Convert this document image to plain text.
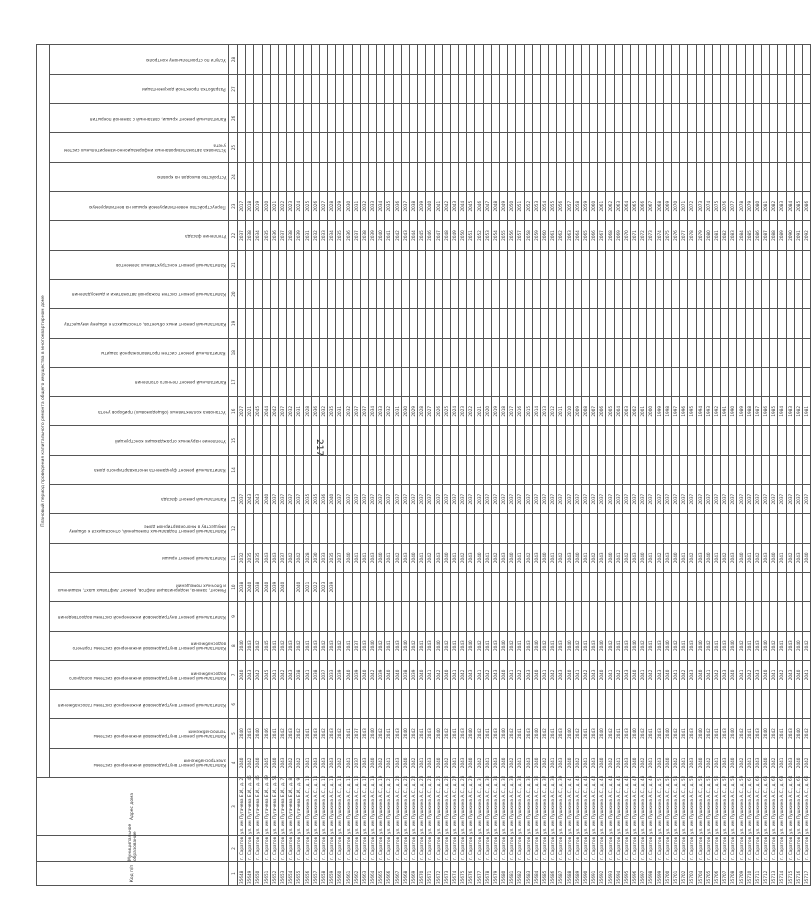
217
Код п/п	Муниципальное образование	Адрес дома	Плановый период проведения капитального ремонта общего имущества в многоквартирном доме																								

			Капитальный ремонт внутридомовой инженерной системы электроснабжения	Капитальный ремонт внутридомовой инженерной системы теплоснабжения	Капитальный ремонт внутридомовой инженерной системы газоснабжения	Капитальный ремонт внутридомовой инженерной системы холодного водоснабжения	Капитальный ремонт внутридомовой инженерной системы горячего водоснабжения	Капитальный ремонт внутридомовой инженерной системы водоотведения	Ремонт, замена, модернизация лифтов, ремонт лифтовых шахт, машинных и блочных помещений	Капитальный ремонт крыши	Капитальный ремонт подвальных помещений, относящихся к общему имуществу в многоквартирном доме	Капитальный ремонт фасада	Капитальный ремонт фундамента многоквартирного дома	Утепление наружных ограждающих конструкций	Установка коллективных (общедомовых) приборов учета	Капитальный ремонт печного отопления	Капитальный ремонт систем противопожарной защиты	Капитальный ремонт иных объектов, относящихся к общему имуществу	Капитальный ремонт систем пожарной автоматики и дымоудаления	Капитальный ремонт конструктивных элементов	Утепление фасада	Переустройство невентилируемой крыши на вентилируемую	Устройство выходов на кровлю	Установка автоматизированных информационно-измерительных систем учета	Капитальный ремонт крыши, связанный с заменой покрытия	Разработка проектной документации	Услуги по строительному контролю

1	2	3	4	5	6	7	8	9	10	11	12	13	14	15	16	17	18	19	20	21	22	23	24	25	26	27	28
35648	г. Саратов	ул. им Пугачева Е.И., д. 2	2040	2040		2040	2040		2038	2032		2037			2027						2037	2017					
35649	г. Саратов	ул. им Пугачева Е.И., д. 45	2042	2043		2043	2043		2040	2035		2043			2021						2038	2018					
35650	г. Саратов	ул. им Пугачева Е.И., д. 45	2040	2040		2042	2042		2038	2035		2043			2045						2034	2019					
35651	г. Саратов	ул. им Пугачева Е.И., д. 49	2045	2046		2045	2045		2040	2043		2040			2044						2035	2020					
35652	г. Саратов	ул. им Пугачева Е.И., д. 51	2040	2041		2041	2041		2039	2043		2037			2042						2036	2021					
35653	г. Саратов	ул. им Пугачева Е.И., д. 7	2043	2042		2042	2042		2040	2037		2037			2037						2037	2022					
35654	г. Саратов	ул. им Пугачева Е.И., д. 8	2042	2043		2043	2043			2042		2037			2032						2038	2023					
35655	г. Саратов	ул. им Пугачева Е.И., д. 9	2042	2042		2038	2042		2040	2042		2037			2031						2039	2024					
35656	г. Саратов	ул. им Пушкина А.С., д. 10	2041	2041		2041	2041		2021	2028		2035			2028						2031	2025					
35657	г. Саратов	ул. им Пушкина А.С., д. 11	2043	2043		2038	2043		2022	2030		2035			2036						2032	2026					
35658	г. Саратов	ул. им Пушкина А.С., д. 12	2043	2042		2037	2042		2023	2033		2036			2032						2033	2027					
35659	г. Саратов	ул. им Пушкина А.С., д. 13	2043	2043		2033	2043		2039	2035		2040			2035						2034	2028					
35660	г. Саратов	ул. им Пушкина А.С., д. 14	2042	2042		2039	2042			2037		2037			2031						2035	2029					
35661	г. Саратов	ул. им Пушкина А.С., д. 15	2041	2041		2040	2041			2040		2037			2032						2036	2030					
35662	г. Саратов	ул. им Пушкина А.С., д. 16	2037	2037		2039	2037			2041		2037			2037						2037	2031					
35663	г. Саратов	ул. им Пушкина А.С., д. 17	2043	2043		2040	2043			2041		2037			2037						2038	2032					
35664	г. Саратов	ул. им Пушкина А.С., д. 18	2040	2040		2042	2040			2043		2037			2034						2039	2033					
35665	г. Саратов	ул. им Пушкина А.С., д. 19	2042	2042		2039	2042			2040		2037			2033						2040	2034					
35666	г. Саратов	ул. им Пушкина А.С., д. 2	2041	2041		2040	2041			2041		2037			2032						2041	2035					
35667	г. Саратов	ул. им Пушкина А.С., д. 20	2043	2043		2040	2043			2042		2037			2031						2042	2036					
35668	г. Саратов	ул. им Пушкина А.С., д. 21	2040	2040		2038	2040			2043		2037			2030						2043	2037					
35669	г. Саратов	ул. им Пушкина А.С., д. 22	2042	2042		2039	2042			2040		2037			2029						2044	2038					
35670	г. Саратов	ул. им Пушкина А.С., д. 23	2041	2041		2040	2041			2041		2037			2028						2045	2039					
35671	г. Саратов	ул. им Пушкина А.С., д. 24	2043	2043		2041	2043			2042		2037			2027						2046	2040					
35672	г. Саратов	ул. им Пушкина А.С., д. 25	2040	2040		2042	2040			2043		2037			2026						2047	2041					
35673	г. Саратов	ул. им Пушкина А.С., д. 26	2042	2042		2040	2042			2040		2037			2025						2048	2042					
35674	г. Саратов	ул. им Пушкина А.С., д. 27	2041	2041		2041	2041			2041		2037			2024						2049	2043					
35675	г. Саратов	ул. им Пушкина А.С., д. 28	2043	2043		2042	2043			2042		2037			2023						2050	2044					
35676	г. Саратов	ул. им Пушкина А.С., д. 29	2040	2040		2043	2040			2043		2037			2022						2051	2045					
35677	г. Саратов	ул. им Пушкина А.С., д. 3	2042	2042		2041	2042			2040		2037			2021						2052	2046					
35678	г. Саратов	ул. им Пушкина А.С., д. 30	2041	2041		2042	2041			2041		2037			2020						2053	2047					
35679	г. Саратов	ул. им Пушкина А.С., д. 31	2043	2043		2043	2043			2042		2037			2019						2054	2048					
35680	г. Саратов	ул. им Пушкина А.С., д. 32	2040	2040		2040	2040			2043		2037			2018						2055	2049					
35681	г. Саратов	ул. им Пушкина А.С., д. 33	2042	2042		2041	2042			2040		2037			2017						2056	2050					
35682	г. Саратов	ул. им Пушкина А.С., д. 34	2041	2041		2042	2041			2041		2037			2016						2057	2051					
35683	г. Саратов	ул. им Пушкина А.С., д. 35	2043	2043		2043	2043			2042		2037			2015						2058	2052					
35684	г. Саратов	ул. им Пушкина А.С., д. 36	2040	2040		2040	2040			2043		2037			2014						2059	2053					
35685	г. Саратов	ул. им Пушкина А.С., д. 37	2042	2042		2041	2042			2040		2037			2013						2060	2054					
35686	г. Саратов	ул. им Пушкина А.С., д. 38	2041	2041		2042	2041			2041		2037			2012						2061	2055					
35687	г. Саратов	ул. им Пушкина А.С., д. 39	2043	2043		2043	2043			2042		2037			2011						2062	2056					
35688	г. Саратов	ул. им Пушкина А.С., д. 4	2040	2040		2040	2040			2043		2037			2010						2063	2057					
35689	г. Саратов	ул. им Пушкина А.С., д. 40	2042	2042		2041	2042			2040		2037			2009						2064	2058					
35690	г. Саратов	ул. им Пушкина А.С., д. 41	2041	2041		2042	2041			2041		2037			2008						2065	2059					
35691	г. Саратов	ул. им Пушкина А.С., д. 42	2043	2043		2043	2043			2042		2037			2007						2066	2060					
35692	г. Саратов	ул. им Пушкина А.С., д. 43	2040	2040		2040	2040			2043		2037			2006						2067	2061					
35693	г. Саратов	ул. им Пушкина А.С., д. 44	2042	2042		2041	2042			2040		2037			2005						2068	2062					
35694	г. Саратов	ул. им Пушкина А.С., д. 45	2041	2041		2042	2041			2041		2037			2004						2069	2063					
35695	г. Саратов	ул. им Пушкина А.С., д. 46	2043	2043		2043	2043			2042		2037			2003						2070	2064					
35696	г. Саратов	ул. им Пушкина А.С., д. 47	2040	2040		2040	2040			2043		2037			2002						2071	2065					
35697	г. Саратов	ул. им Пушкина А.С., д. 48	2042	2042		2041	2042			2040		2037			2001						2072	2066					
35698	г. Саратов	ул. им Пушкина А.С., д. 49	2041	2041		2042	2041			2041		2037			2000						2073	2067					
35699	г. Саратов	ул. им Пушкина А.С., д. 5	2043	2043		2043	2043			2042		2037			1999						2074	2068					
35700	г. Саратов	ул. им Пушкина А.С., д. 50	2040	2040		2040	2040			2043		2037			1998						2075	2069					
35701	г. Саратов	ул. им Пушкина А.С., д. 51	2042	2042		2041	2042			2040		2037			1997						2076	2070					
35702	г. Саратов	ул. им Пушкина А.С., д. 52	2041	2041		2042	2041			2041		2037			1996						2077	2071					
35703	г. Саратов	ул. им Пушкина А.С., д. 53	2043	2043		2043	2043			2042		2037			1995						2078	2072					
35704	г. Саратов	ул. им Пушкина А.С., д. 54	2040	2040		2040	2040			2043		2037			1994						2079	2073					
35705	г. Саратов	ул. им Пушкина А.С., д. 55	2042	2042		2041	2042			2040		2037			1993						2080	2074					
35706	г. Саратов	ул. им Пушкина А.С., д. 56	2041	2041		2042	2041			2041		2037			1992						2081	2075					
35707	г. Саратов	ул. им Пушкина А.С., д. 57	2043	2043		2043	2043			2042		2037			1991						2082	2076					
35708	г. Саратов	ул. им Пушкина А.С., д. 58	2040	2040		2040	2040			2043		2037			1990						2083	2077					
35709	г. Саратов	ул. им Пушкина А.С., д. 59	2042	2042		2041	2042			2040		2037			1989						2084	2078					
35710	г. Саратов	ул. им Пушкина А.С., д. 6	2041	2041		2042	2041			2041		2037			1988						2085	2079					
35711	г. Саратов	ул. им Пушкина А.С., д. 60	2043	2043		2043	2043			2042		2037			1987						2086	2080					
35712	г. Саратов	ул. им Пушкина А.С., д. 61	2040	2040		2040	2040			2043		2037			1986						2087	2081					
35713	г. Саратов	ул. им Пушкина А.С., д. 62	2042	2042		2041	2042			2040		2037			1985						2088	2082					
35714	г. Саратов	ул. им Пушкина А.С., д. 63	2041	2041		2042	2041			2041		2037			1984						2089	2083					
35715	г. Саратов	ул. им Пушкина А.С., д. 64	2043	2043		2043	2043			2042		2037			1983						2090	2084					
35716	г. Саратов	ул. им Пушкина А.С., д. 65	2040	2040		2040	2040			2043		2037			1982						2091	2085					
35717	г. Саратов	ул. им Пушкина А.С., д. 66	2042	2042		2041	2042			2040		2037			1981						2092	2086					
